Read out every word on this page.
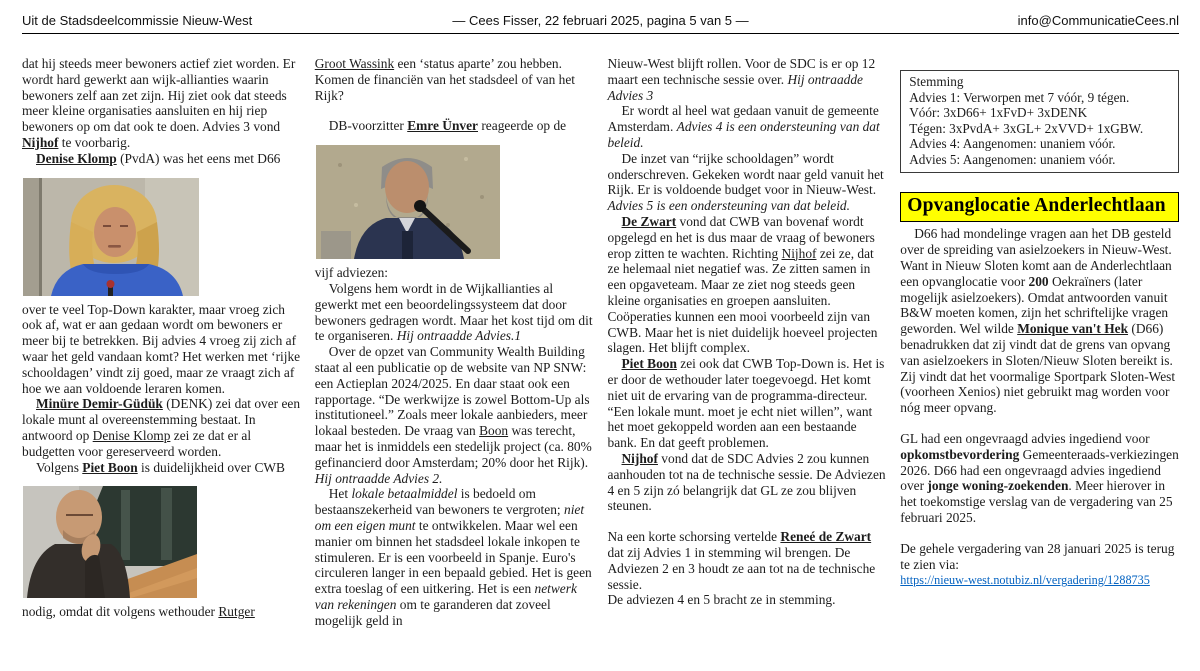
Uit de Stadsdeelcommissie Nieuw-West	— Cees Fisser, 22 februari 2025, pagina 5 van 5 —	info@CommunicatieCees.nl

dat hij steeds meer bewoners actief ziet worden. Er wordt hard gewerkt aan wijk-allianties waarin bewoners zelf aan zet zijn. Hij ziet ook dat steeds meer kleine organisaties aansluiten en hij riep bewoners op om dat ook te doen. Advies 3 vond Nijhof te voorbarig.

Denise Klomp (PvdA) was het eens met D66

over te veel Top-Down karakter, maar vroeg zich ook af, wat er aan gedaan wordt om bewoners er meer bij te betrekken. Bij advies 4 vroeg zij zich af waar het geld vandaan komt? Het werken met ‘rijke schooldagen’ vindt zij goed, maar ze vraagt zich af hoe we aan voldoende leraren komen.

Minüre Demir-Güdük (DENK) zei dat over een lokale munt al overeenstemming bestaat. In antwoord op Denise Klomp zei ze dat er al budgetten voor gereserveerd worden.

Volgens Piet Boon is duidelijkheid over CWB

nodig, omdat dit volgens wethouder Rutger

Groot Wassink een ‘status aparte’ zou hebben. Komen de financiën van het stadsdeel of van het Rijk?

DB-voorzitter Emre Ünver reageerde op de

vijf adviezen:

Volgens hem wordt in de Wijkallianties al gewerkt met een beoordelingssysteem dat door bewoners gedragen wordt. Maar het kost tijd om dit te organiseren. Hij ontraadde Advies.1

Over de opzet van Community Wealth Building staat al een publicatie op de website van NP SNW: een Actieplan 2024/2025. En daar staat ook een rapportage. “De werkwijze is zowel Bottom-Up als institutioneel.” Zoals meer lokale aanbieders, meer lokaal besteden. De vraag van Boon was terecht, maar het is inmiddels een stedelijk project (ca. 80% gefinancierd door Amsterdam; 20% door het Rijk). Hij ontraadde Advies 2.

Het lokale betaalmiddel is bedoeld om bestaanszekerheid van bewoners te vergroten; niet om een eigen munt te ontwikkelen. Maar wel een manier om binnen het stadsdeel lokale inkopen te stimuleren. Er is een voorbeeld in Spanje. Euro's circuleren langer in een bepaald gebied. Het is geen extra toeslag of een uitkering. Het is een netwerk van rekeningen om te garanderen dat zoveel mogelijk geld in

Nieuw-West blijft rollen. Voor de SDC is er op 12 maart een technische sessie over. Hij ontraadde Advies 3

Er wordt al heel wat gedaan vanuit de gemeente Amsterdam. Advies 4 is een ondersteuning van dat beleid.

De inzet van “rijke schooldagen” wordt onderschreven. Gekeken wordt naar geld vanuit het Rijk. Er is voldoende budget voor in Nieuw-West. Advies 5 is een ondersteuning van dat beleid.

De Zwart vond dat CWB van bovenaf wordt opgelegd en het is dus maar de vraag of bewoners erop zitten te wachten. Richting Nijhof zei ze, dat ze helemaal niet negatief was. Ze zitten samen in een opgaveteam. Maar ze ziet nog steeds geen kleine organisaties en groepen aansluiten. Coöperaties kunnen een mooi voorbeeld zijn van CWB. Maar het is niet duidelijk hoeveel projecten slagen. Het blijft complex.

Piet Boon zei ook dat CWB Top-Down is. Het is er door de wethouder later toegevoegd. Het komt niet uit de ervaring van de programma-directeur. “Een lokale munt. moet je echt niet willen”, want het moet gekoppeld worden aan een bestaande bank. En dat geeft problemen.

Nijhof vond dat de SDC Advies 2 zou kunnen aanhouden tot na de technische sessie. De Adviezen 4 en 5 zijn zó belangrijk dat GL ze zou blijven steunen.

Na een korte schorsing vertelde Reneé de Zwart dat zij Advies 1 in stemming wil brengen. De Adviezen 2 en 3 houdt ze aan tot na de technische sessie.

De adviezen 4 en 5 bracht ze in stemming.

Stemming
Advies 1: Verworpen met 7 vóór, 9 tégen.
Vóór: 3xD66+ 1xFvD+ 3xDENK
Tégen: 3xPvdA+ 3xGL+ 2xVVD+ 1xGBW.
Advies 4: Aangenomen: unaniem vóór.
Advies 5: Aangenomen: unaniem vóór.
Opvanglocatie Anderlechtlaan

D66 had mondelinge vragen aan het DB gesteld over de spreiding van asielzoekers in Nieuw-West. Want in Nieuw Sloten komt aan de Anderlechtlaan een opvanglocatie voor 200 Oekraïners (later mogelijk asielzoekers). Omdat antwoorden vanuit B&W moeten komen, zijn het schriftelijke vragen geworden. Wel wilde Monique van't Hek (D66) benadrukken dat zij vindt dat de grens van opvang van asielzoekers in Sloten/Nieuw Sloten bereikt is. Zij vindt dat het voormalige Sportpark Sloten-West (voorheen Xenios) niet gebruikt mag worden voor nóg meer opvang.

GL had een ongevraagd advies ingediend voor opkomstbevordering Gemeenteraads-verkiezingen 2026. D66 had een ongevraagd advies ingediend over jonge woning-zoekenden. Meer hierover in het toekomstige verslag van de vergadering van 25 februari 2025.

De gehele vergadering van 28 januari 2025 is terug te zien via:

https://nieuw-west.notubiz.nl/vergadering/1288735
